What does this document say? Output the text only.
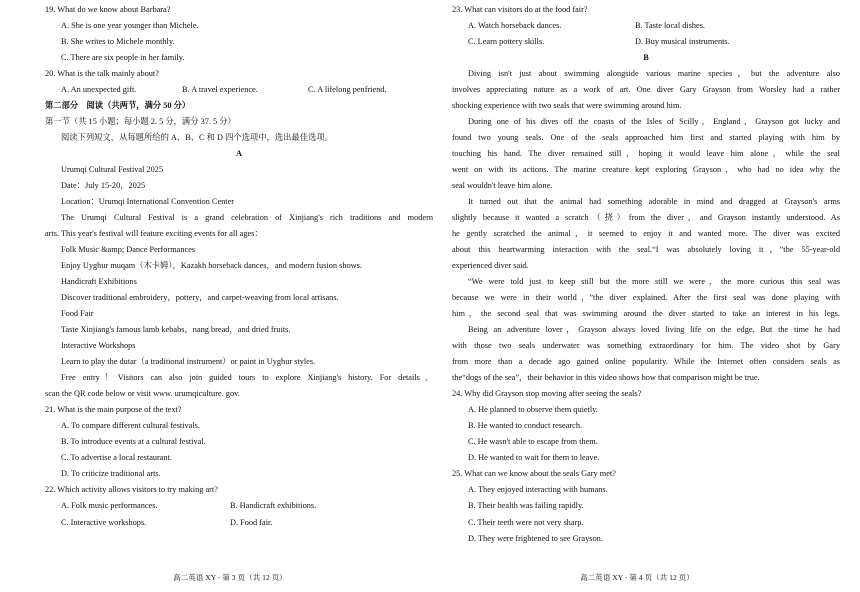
19. What do we know about Barbara?
A. She is one year younger than Michele.
B. She writes to Michele monthly.
C. There are six people in her family.
20. What is the talk mainly about?
A. An unexpected gift.	B. A travel experience.	C. A lifelong penfriend.
第二部分　阅读（共两节，满分 50 分）
第一节（共 15 小题；每小题 2. 5 分，满分 37. 5 分）
阅读下列短文，从每题所给的 A、B、C 和 D 四个选项中，选出最佳选项。
A
Urumqi Cultural Festival 2025
Date：July 15-20，2025
Location：Urumqi International Convention Center
The Urumqi Cultural Festival is a grand celebration of Xinjiang's rich traditions and modern
arts. This year's festival will feature exciting events for all ages：
Folk Music &amp; Dance Performances
Enjoy Uyghur muqam（木卡姆），Kazakh horseback dances，and modern fusion shows.
Handicraft Exhibitions
Discover traditional embroidery，pottery，and carpet-weaving from local artisans.
Food Fair
Taste Xinjiang's famous lamb kebabs，nang bread，and dried fruits.
Interactive Workshops
Learn to play the dutar（a traditional instrument）or paint in Uyghur styles.
Free entry！Visitors can also join guided tours to explore Xinjiang's history. For details，
scan the QR code below or visit www. urumqiculture. gov.
21. What is the main purpose of the text?
A. To compare different cultural festivals.
B. To introduce events at a cultural festival.
C. To advertise a local restaurant.
D. To criticize traditional arts.
22. Which activity allows visitors to try making art?
A. Folk music performances.	B. Handicraft exhibitions.
C. Interactive workshops.	D. Food fair.
高二英语 XY · 第 3 页（共 12 页）
23. What can visitors do at the food fair?
A. Watch horseback dances.	B. Taste local dishes.
C. Learn pottery skills.	D. Buy musical instruments.
B
Diving isn't just about swimming alongside various marine species，but the adventure also
involves appreciating nature as a work of art. One diver Gary Grayson from Worsley had a rather
shocking experience with two seals that were swimming around him.
During one of his dives off the coasts of the Isles of Scilly，England，Grayson got lucky and
found two young seals. One of the seals approached him first and started playing with him by
touching his hand. The diver remained still，hoping it would leave him alone，while the seal
went on with its actions. The marine creature kept exploring Grayson，who had no idea why the
seal wouldn't leave him alone.
It turned out that the animal had something adorable in mind and dragged at Grayson's arms
slightly because it wanted a scratch（挠）from the diver，and Grayson instantly understood. As
he gently scratched the animal，it seemed to enjoy it and wanted more. The diver was excited
about this heartwarming interaction with the seal.“I was absolutely loving it，”the 55-year-old
experienced diver said.
“We were told just to keep still but the more still we were，the more curious this seal was
because we were in their world，”the diver explained. After the first seal was done playing with
him，the second seal that was swimming around the diver started to take an interest in his legs.
Being an adventure lover，Grayson always loved living life on the edge. But the time he had
with those two seals underwater was something extraordinary for him. The video shot by Gary
from more than a decade ago gained online popularity. While the Internet often considers seals as
the“dogs of the sea”，their behavior in this video shows how that comparison might be true.
24. Why did Grayson stop moving after seeing the seals?
A. He planned to observe them quietly.
B. He wanted to conduct research.
C. He wasn't able to escape from them.
D. He wanted to wait for them to leave.
25. What can we know about the seals Gary met?
A. They enjoyed interacting with humans.
B. Their health was failing rapidly.
C. Their teeth were not very sharp.
D. They were frightened to see Grayson.
高二英语 XY · 第 4 页（共 12 页）
